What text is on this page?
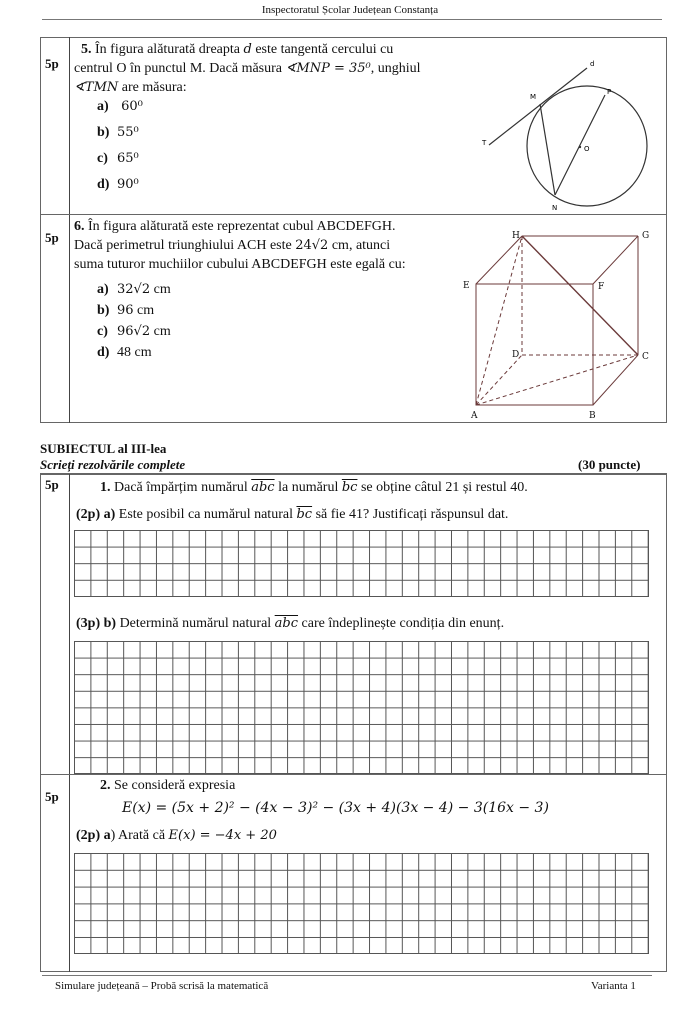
Inspectoratul Școlar Județean Constanța
5p
5. În figura alăturată dreapta d este tangentă cercului cu
centrul O în punctul M. Dacă măsura ∢MNP = 35⁰, unghiul
∢TMN are măsura:
a) 60⁰
b) 55⁰
c) 65⁰
d) 90⁰
d
M
P
T
O
N
5p
6. În figura alăturată este reprezentat cubul ABCDEFGH.
Dacă perimetrul triunghiului ACH este 24√2 cm, atunci
suma tuturor muchiilor cubului ABCDEFGH este egală cu:
a) 32√2 cm
b) 96 cm
c) 96√2 cm
d) 48 cm
H	G
E	F
D	C
A	B
SUBIECTUL al III-lea
Scrieți rezolvările complete	(30 puncte)
5p	1. Dacă împărțim numărul $\overline{abc}$ la numărul $\overline{bc}$ se obține câtul 21 și restul 40.
(2p) a) Este posibil ca numărul natural $\overline{bc}$ să fie 41? Justificați răspunsul dat.
(3p) b) Determină numărul natural $\overline{abc}$ care îndeplinește condiția din enunț.
5p
2. Se consideră expresia
E(x) = (5x + 2)² − (4x − 3)² − (3x + 4)(3x − 4) − 3(16x − 3)
(2p) a) Arată că E(x) = −4x + 20
Simulare județeană – Probă scrisă la matematică	Varianta 1
